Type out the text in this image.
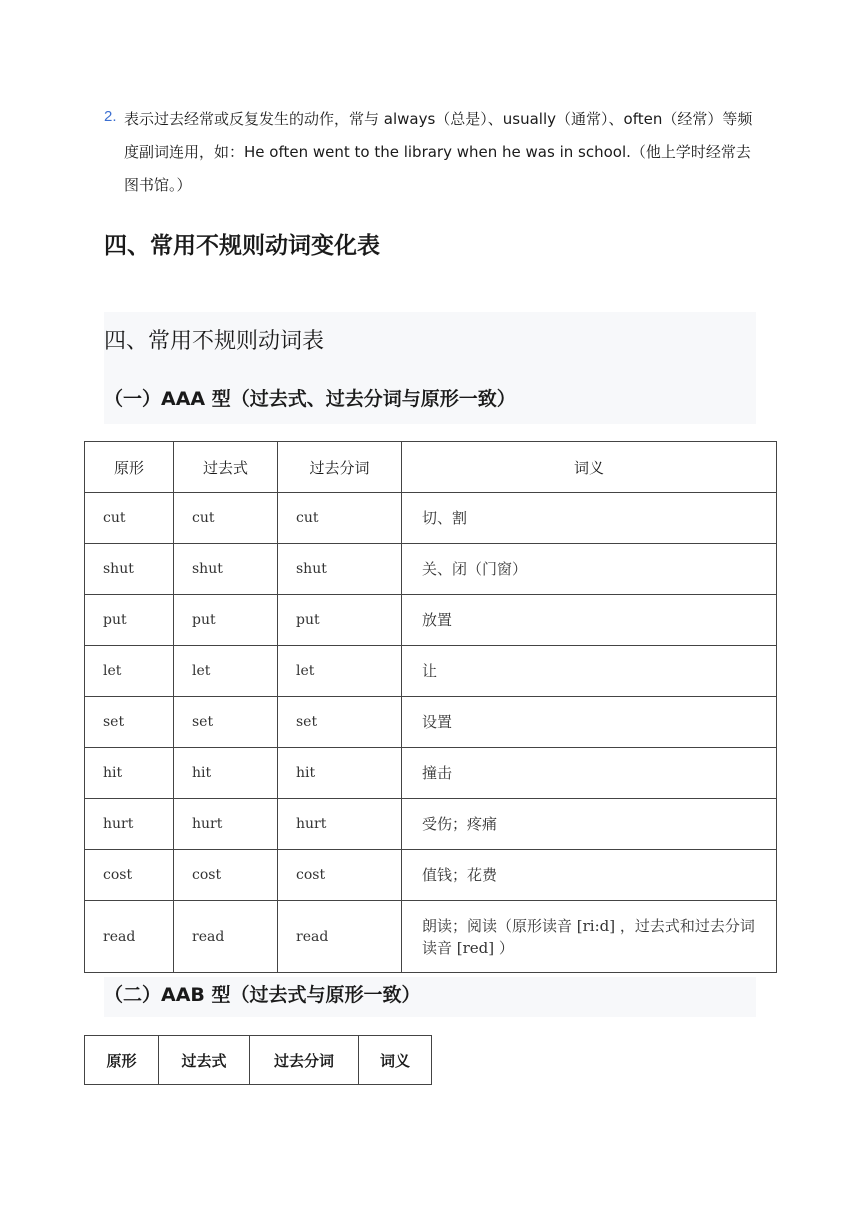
2. 表示过去经常或反复发生的动作，常与 always（总是）、usually（通常）、often（经常）等频度副词连用，如：He often went to the library when he was in school.（他上学时经常去图书馆。）
四、常用不规则动词变化表
四、常用不规则动词表
（一）AAA 型（过去式、过去分词与原形一致）
原形	过去式	过去分词	词义
cut	cut	cut	切、割
shut	shut	shut	关、闭（门窗）
put	put	put	放置
let	let	let	让
set	set	set	设置
hit	hit	hit	撞击
hurt	hurt	hurt	受伤；疼痛
cost	cost	cost	值钱；花费
read	read	read	朗读；阅读（原形读音 [ri:d] ，过去式和过去分词读音 [red] ）
（二）AAB 型（过去式与原形一致）
原形	过去式	过去分词	词义
